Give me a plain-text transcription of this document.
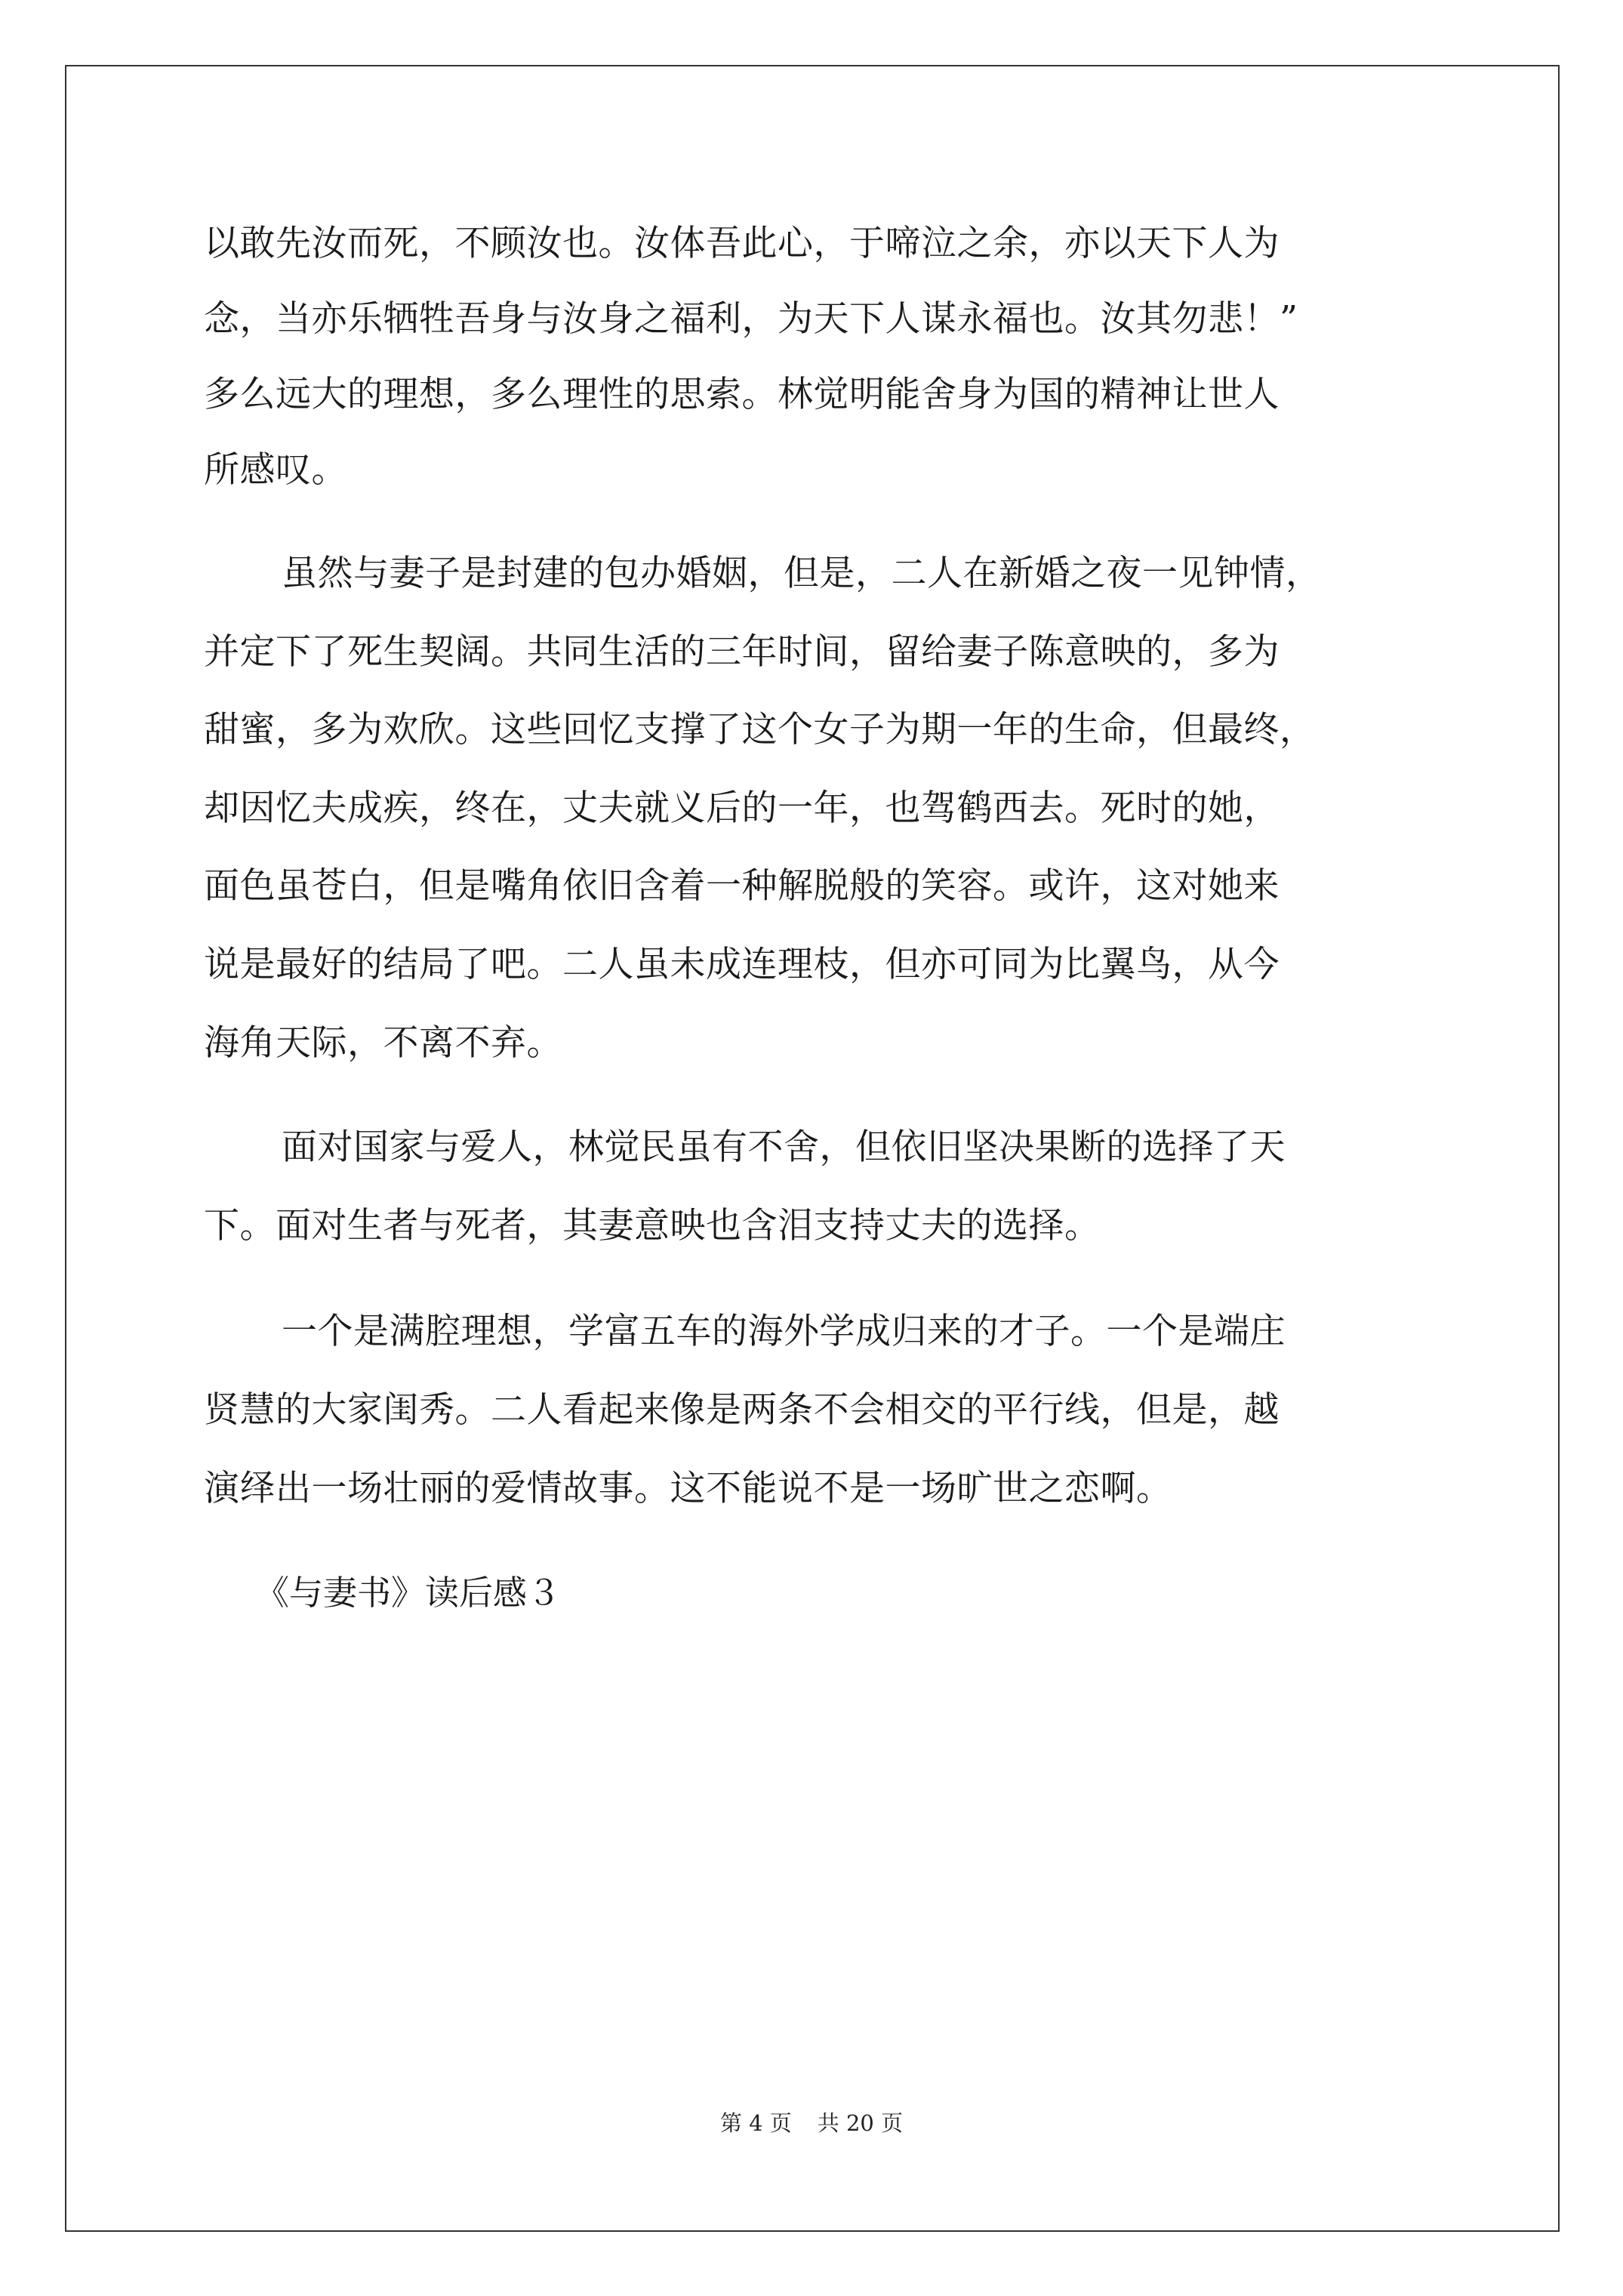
以敢先汝而死，不顾汝也。汝体吾此心，于啼泣之余，亦以天下人为
念，当亦乐牺牲吾身与汝身之福利，为天下人谋永福也。汝其勿悲！”
多么远大的理想，多么理性的思索。林觉明能舍身为国的精神让世人
所感叹。
虽然与妻子是封建的包办婚姻，但是，二人在新婚之夜一见钟情，
并定下了死生契阔。共同生活的三年时间，留给妻子陈意映的，多为
甜蜜，多为欢欣。这些回忆支撑了这个女子为期一年的生命，但最终，
却因忆夫成疾，终在，丈夫就义后的一年，也驾鹤西去。死时的她，
面色虽苍白，但是嘴角依旧含着一种解脱般的笑容。或许，这对她来
说是最好的结局了吧。二人虽未成连理枝，但亦可同为比翼鸟，从今
海角天际，不离不弃。
面对国家与爱人，林觉民虽有不舍，但依旧坚决果断的选择了天
下。面对生者与死者，其妻意映也含泪支持丈夫的选择。
一个是满腔理想，学富五车的海外学成归来的才子。一个是端庄
贤慧的大家闺秀。二人看起来像是两条不会相交的平行线，但是，越
演绎出一场壮丽的爱情故事。这不能说不是一场旷世之恋啊。
《与妻书》读后感３
第 4 页 共 20 页
